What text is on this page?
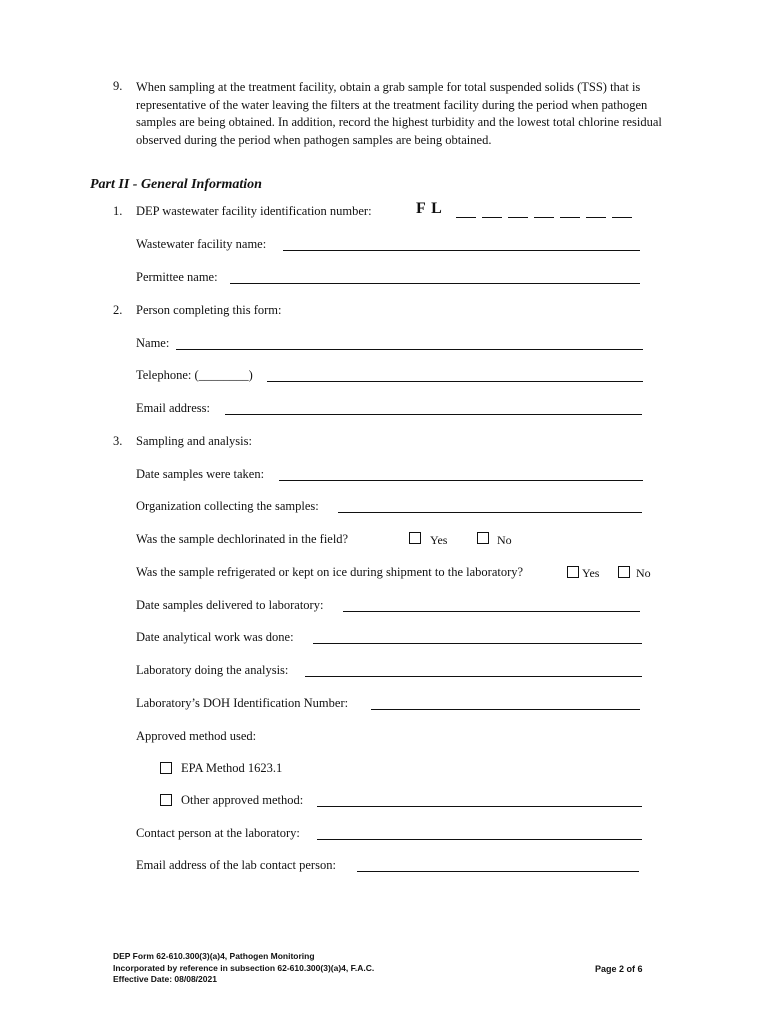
9. When sampling at the treatment facility, obtain a grab sample for total suspended solids (TSS) that is representative of the water leaving the filters at the treatment facility during the period when pathogen samples are being obtained. In addition, record the highest turbidity and the lowest total chlorine residual observed during the period when pathogen samples are being obtained.
Part II - General Information
1. DEP wastewater facility identification number:	F L
Wastewater facility name:
Permittee name:
2. Person completing this form:
Name:
Telephone: (________)
Email address:
3. Sampling and analysis:
Date samples were taken:
Organization collecting the samples:
Was the sample dechlorinated in the field?	Yes	No
Was the sample refrigerated or kept on ice during shipment to the laboratory?	Yes	No
Date samples delivered to laboratory:
Date analytical work was done:
Laboratory doing the analysis:
Laboratory’s DOH Identification Number:
Approved method used:
EPA Method 1623.1
Other approved method:
Contact person at the laboratory:
Email address of the lab contact person:
DEP Form 62-610.300(3)(a)4, Pathogen Monitoring
Incorporated by reference in subsection 62-610.300(3)(a)4, F.A.C.
Effective Date: 08/08/2021
Page 2 of 6
